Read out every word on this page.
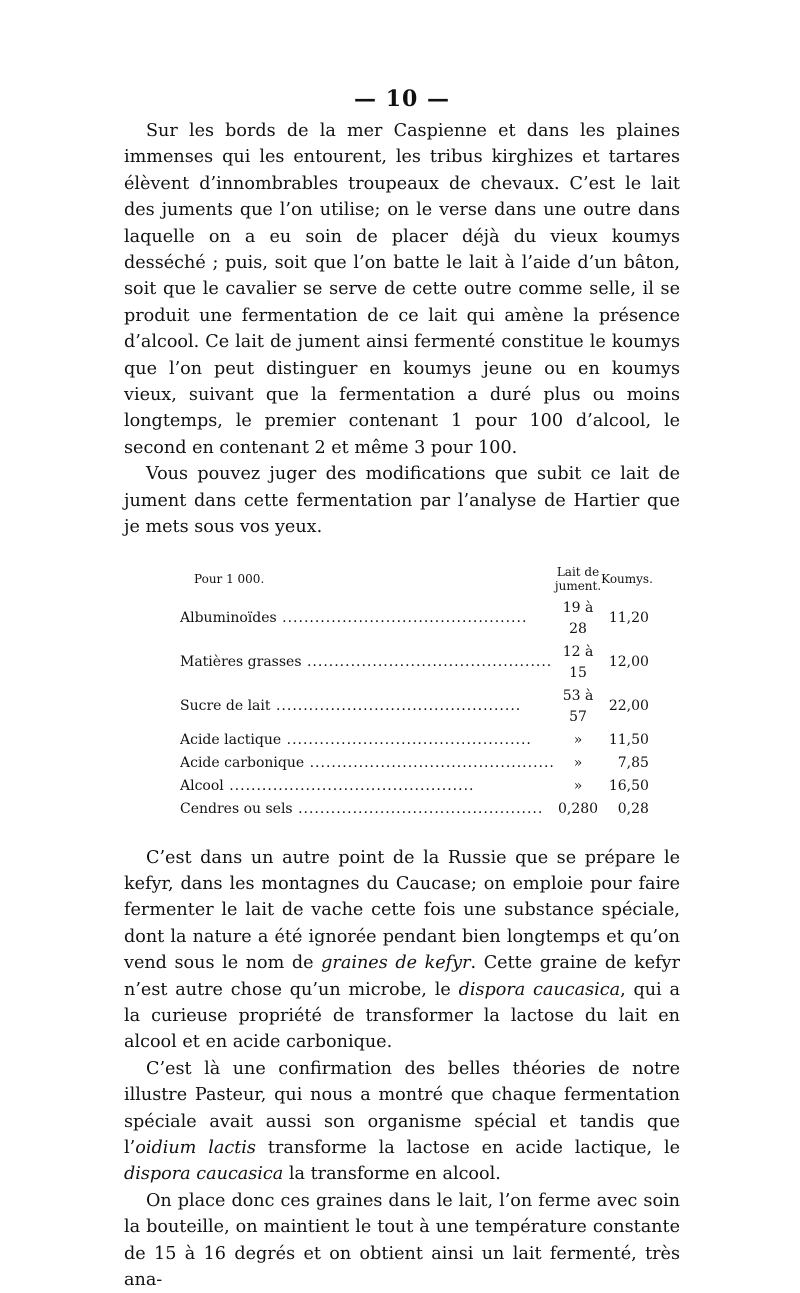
— 10 —

Sur les bords de la mer Caspienne et dans les plaines immenses qui les entourent, les tribus kirghizes et tartares élèvent d’innombrables troupeaux de chevaux. C’est le lait des juments que l’on utilise; on le verse dans une outre dans laquelle on a eu soin de placer déjà du vieux koumys desséché ; puis, soit que l’on batte le lait à l’aide d’un bâton, soit que le cavalier se serve de cette outre comme selle, il se produit une fermentation de ce lait qui amène la présence d’alcool. Ce lait de jument ainsi fermenté constitue le koumys que l’on peut distinguer en koumys jeune ou en koumys vieux, suivant que la fermentation a duré plus ou moins longtemps, le premier contenant 1 pour 100 d’alcool, le second en contenant 2 et même 3 pour 100.

Vous pouvez juger des modifications que subit ce lait de jument dans cette fermentation par l’analyse de Hartier que je mets sous vos yeux.

Pour 1 000.	Lait de jument.	Koumys.
Albuminoïdes .....	19 à 28	11,20
Matières grasses .....	12 à 15	12,00
Sucre de lait .....	53 à 57	22,00
Acide lactique .....	»	11,50
Acide carbonique .....	»	7,85
Alcool .....	»	16,50
Cendres ou sels .....	0,280	0,28

C’est dans un autre point de la Russie que se prépare le kefyr, dans les montagnes du Caucase; on emploie pour faire fermenter le lait de vache cette fois une substance spéciale, dont la nature a été ignorée pendant bien longtemps et qu’on vend sous le nom de graines de kefyr. Cette graine de kefyr n’est autre chose qu’un microbe, le dispora caucasica, qui a la curieuse propriété de transformer la lactose du lait en alcool et en acide carbonique.

C’est là une confirmation des belles théories de notre illustre Pasteur, qui nous a montré que chaque fermentation spéciale avait aussi son organisme spécial et tandis que l’oidium lactis transforme la lactose en acide lactique, le dispora caucasica la transforme en alcool.

On place donc ces graines dans le lait, l’on ferme avec soin la bouteille, on maintient le tout à une température constante de 15 à 16 degrés et on obtient ainsi un lait fermenté, très ana-
